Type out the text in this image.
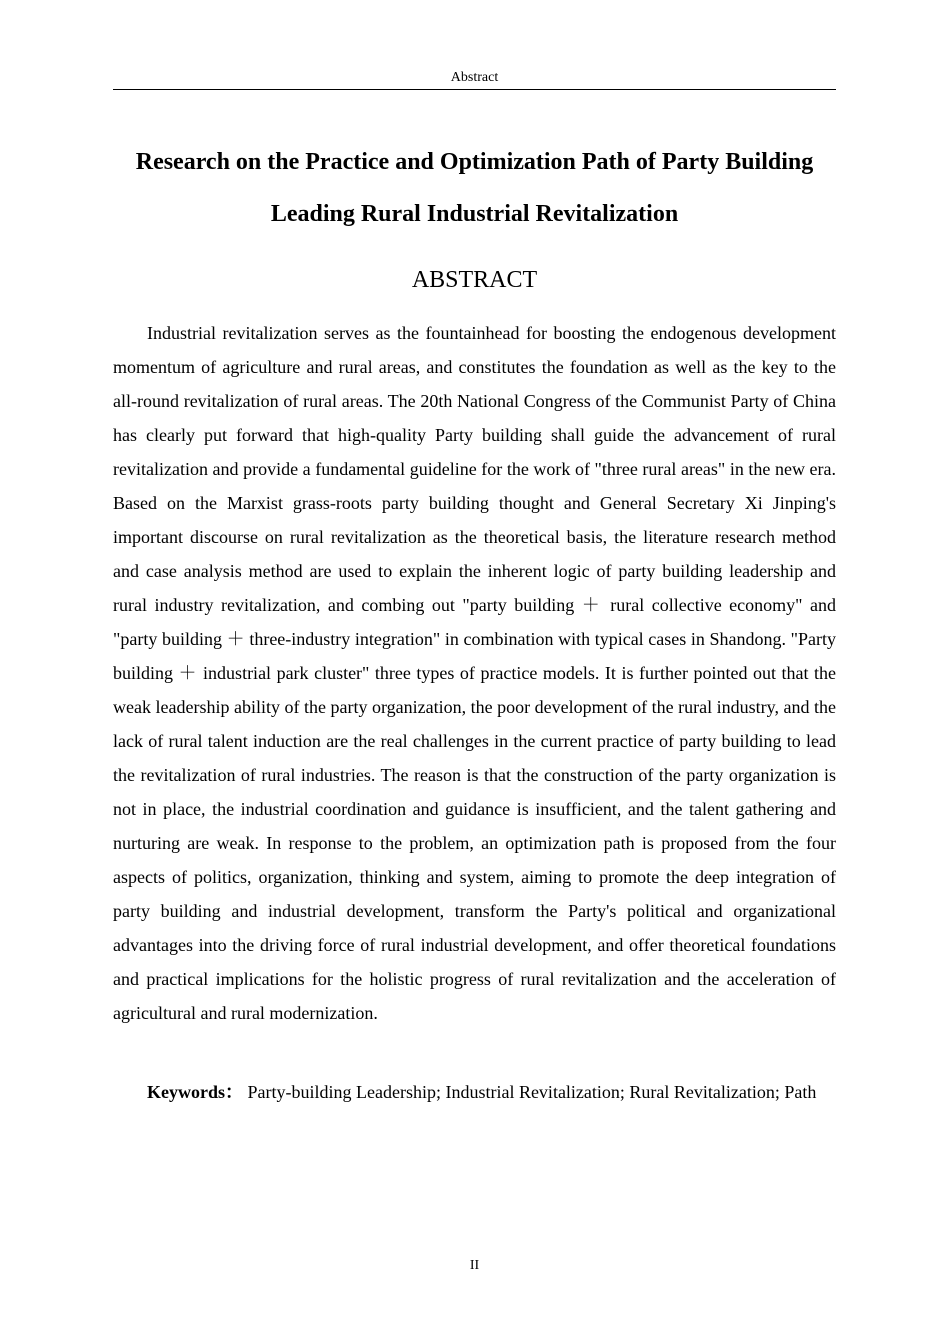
Abstract
Research on the Practice and Optimization Path of Party Building
Leading Rural Industrial Revitalization
ABSTRACT

Industrial revitalization serves as the fountainhead for boosting the endogenous development momentum of agriculture and rural areas, and constitutes the foundation as well as the key to the all-round revitalization of rural areas. The 20th National Congress of the Communist Party of China has clearly put forward that high-quality Party building shall guide the advancement of rural revitalization and provide a fundamental guideline for the work of "three rural areas" in the new era. Based on the Marxist grass-roots party building thought and General Secretary Xi Jinping's important discourse on rural revitalization as the theoretical basis, the literature research method and case analysis method are used to explain the inherent logic of party building leadership and rural industry revitalization, and combing out "party building ＋ rural collective economy" and "party building ＋ three-industry integration" in combination with typical cases in Shandong. "Party building ＋ industrial park cluster" three types of practice models. It is further pointed out that the weak leadership ability of the party organization, the poor development of the rural industry, and the lack of rural talent induction are the real challenges in the current practice of party building to lead the revitalization of rural industries. The reason is that the construction of the party organization is not in place, the industrial coordination and guidance is insufficient, and the talent gathering and nurturing are weak. In response to the problem, an optimization path is proposed from the four aspects of politics, organization, thinking and system, aiming to promote the deep integration of party building and industrial development, transform the Party's political and organizational advantages into the driving force of rural industrial development, and offer theoretical foundations and practical implications for the holistic progress of rural revitalization and the acceleration of agricultural and rural modernization.

Keywords： Party-building Leadership; Industrial Revitalization; Rural Revitalization; Path

II
